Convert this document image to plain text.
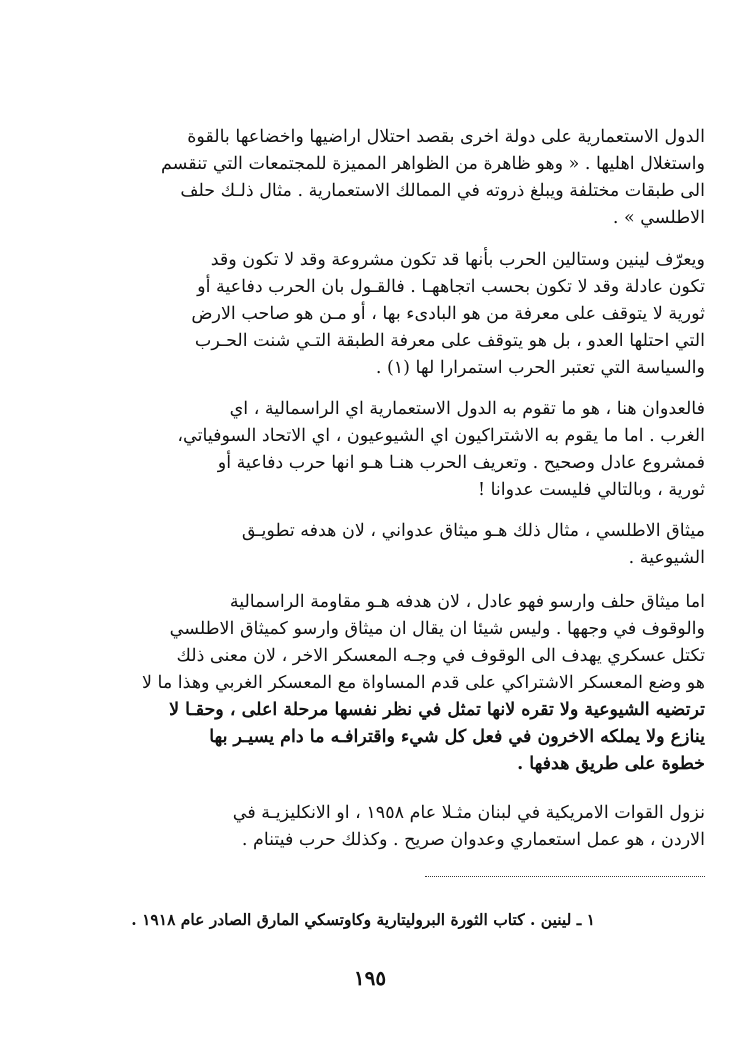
الدول الاستعمارية على دولة اخرى بقصد احتلال اراضيها واخضاعها بالقوة
واستغلال اهليها . « وهو ظاهرة من الظواهر المميزة للمجتمعات التي تنقسم
الى طبقات مختلفة ويبلغ ذروته في الممالك الاستعمارية . مثال ذلـك حلف
الاطلسي » .
ويعرّف لينين وستالين الحرب بأنها قد تكون مشروعة وقد لا تكون وقد
تكون عادلة وقد لا تكون بحسب اتجاههـا . فالقـول بان الحرب دفاعية أو
ثورية لا يتوقف على معرفة من هو البادىء بها ، أو مـن هو صاحب الارض
التي احتلها العدو ، بل هو يتوقف على معرفة الطبقة التـي شنت الحـرب
والسياسة التي تعتبر الحرب استمرارا لها (١) .
فالعدوان هنا ، هو ما تقوم به الدول الاستعمارية اي الراسمالية ، اي
الغرب . اما ما يقوم به الاشتراكيون اي الشيوعيون ، اي الاتحاد السوفياتي،
فمشروع عادل وصحيح . وتعريف الحرب هنـا هـو انها حرب دفاعية أو
ثورية ، وبالتالي فليست عدوانا !
ميثاق الاطلسي ، مثال ذلك هـو ميثاق عدواني ، لان هدفه تطويـق
الشيوعية .
اما ميثاق حلف وارسو فهو عادل ، لان هدفه هـو مقاومة الراسمالية
والوقوف في وجهها . وليس شيئا ان يقال ان ميثاق وارسو كميثاق الاطلسي
تكتل عسكري يهدف الى الوقوف في وجـه المعسكر الاخر ، لان معنى ذلك
هو وضع المعسكر الاشتراكي على قدم المساواة مع المعسكر الغربي وهذا ما لا
ترتضيه الشيوعية ولا تقره لانها تمثل في نظر نفسها مرحلة اعلى ، وحقـا لا
ينازع ولا يملكه الاخرون في فعل كل شيء واقترافـه ما دام يسيـر بها
خطوة على طريق هدفها .
نزول القوات الامريكية في لبنان مثـلا عام ١٩٥٨ ، او الانكليزيـة في
الاردن ، هو عمل استعماري وعدوان صريح . وكذلك حرب فيتنام .
١ ـ لينين . كتاب الثورة البروليتارية وكاوتسكي المارق الصادر عام ١٩١٨ .
١٩٥
